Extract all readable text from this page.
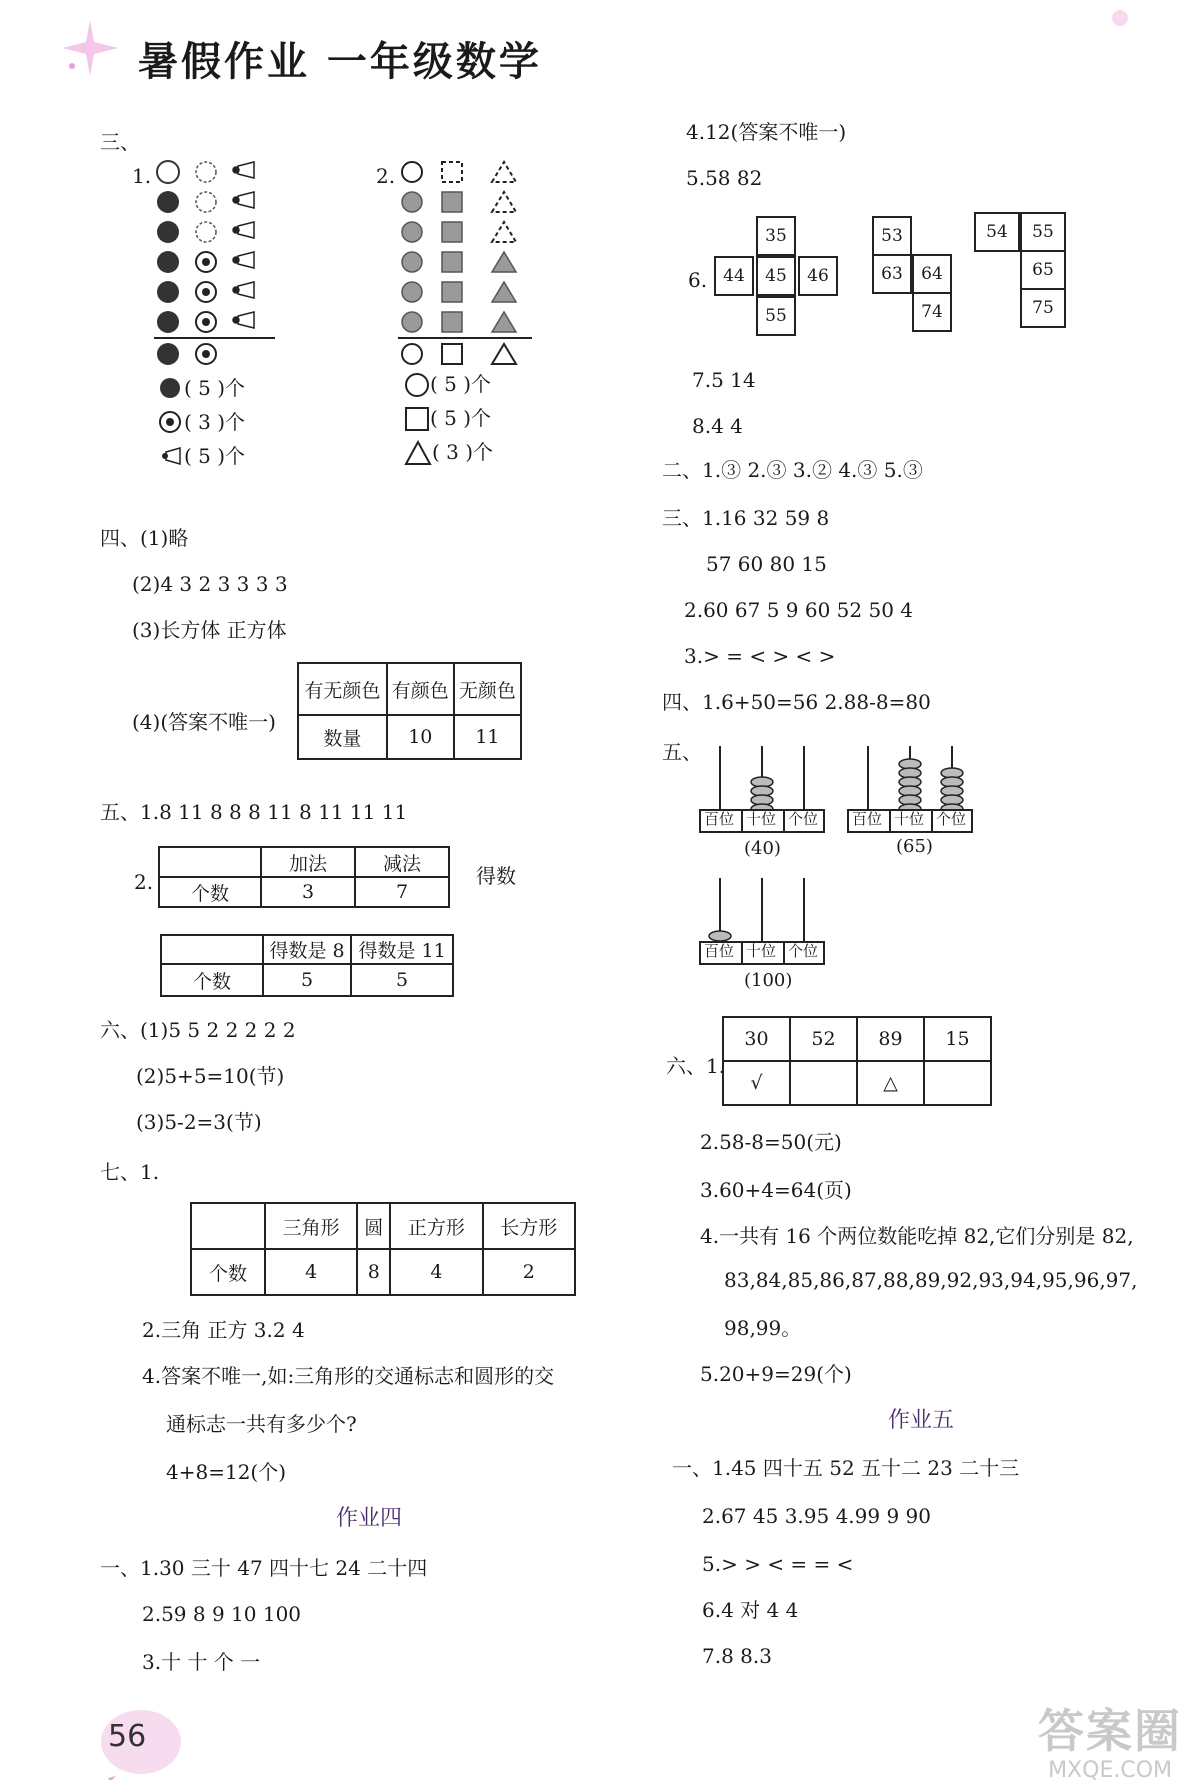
暑假作业 一年级数学
三、
1.
( 5 )个
( 3 )个
( 5 )个
2.
( 5 )个
( 5 )个
( 3 )个
四、(1)略
(2)4 3 2 3 3 3 3
(3)长方体 正方体
(4)(答案不唯一)
有无颜色	有颜色	无颜色
数量	10	11
五、1.8 11 8 8 8 11 8 11 11 11
2.
	加法	减法
个数	3	7
得数
	得数是 8	得数是 11
个数	5	5
六、(1)5 5 2 2 2 2 2
(2)5+5=10(节)
(3)5-2=3(节)
七、1.
	三角形	圆	正方形	长方形
个数	4	8	4	2
2.三角 正方 3.2 4
4.答案不唯一,如:三角形的交通标志和圆形的交
通标志一共有多少个?
4+8=12(个)
作业四
一、1.30 三十 47 四十七 24 二十四
2.59 8 9 10 100
3.十 十 个 一
4.12(答案不唯一)
5.58 82
6.
35
44	45	46
55
53
63	64
74
54	55
65
75
7.5 14
8.4 4
二、1.③ 2.③ 3.② 4.③ 5.③
三、1.16 32 59 8
57 60 80 15
2.60 67 5 9 60 52 50 4
3.> = < > < >
四、1.6+50=56 2.88-8=80
五、
百位 十位 个位
(40)
百位 十位 个位
(65)
百位 十位 个位
(100)
六、1.
30	52	89	15
√		△	
2.58-8=50(元)
3.60+4=64(页)
4.一共有 16 个两位数能吃掉 82,它们分别是 82,
83,84,85,86,87,88,89,92,93,94,95,96,97,
98,99。
5.20+9=29(个)
作业五
一、1.45 四十五 52 五十二 23 二十三
2.67 45 3.95 4.99 9 90
5.> > < = = <
6.4 对 4 4
7.8 8.3
56	答案圈
MXQE.COM
